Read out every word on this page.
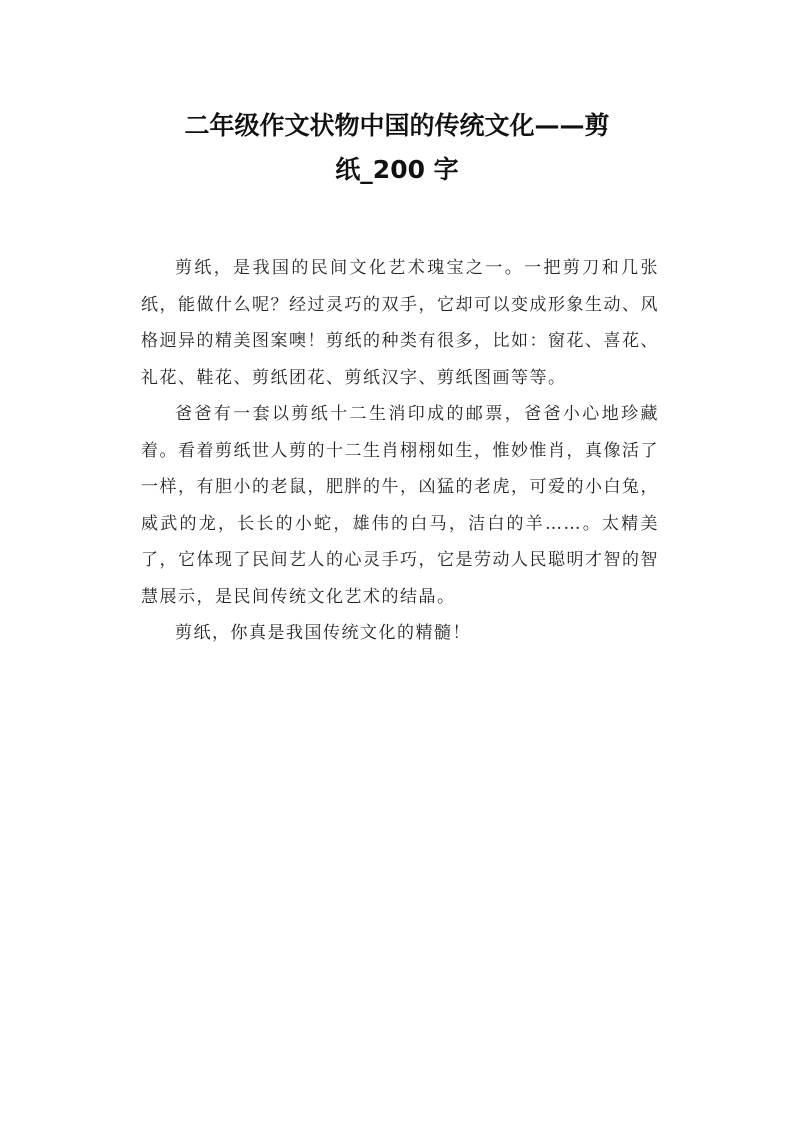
二年级作文状物中国的传统文化——剪
纸_200 字

剪纸，是我国的民间文化艺术瑰宝之一。一把剪刀和几张纸，能做什么呢？经过灵巧的双手，它却可以变成形象生动、风格迥异的精美图案噢！剪纸的种类有很多，比如：窗花、喜花、礼花、鞋花、剪纸团花、剪纸汉字、剪纸图画等等。

爸爸有一套以剪纸十二生消印成的邮票，爸爸小心地珍藏着。看着剪纸世人剪的十二生肖栩栩如生，惟妙惟肖，真像活了一样，有胆小的老鼠，肥胖的牛，凶猛的老虎，可爱的小白兔，威武的龙，长长的小蛇，雄伟的白马，洁白的羊……。太精美了，它体现了民间艺人的心灵手巧，它是劳动人民聪明才智的智慧展示，是民间传统文化艺术的结晶。

剪纸，你真是我国传统文化的精髓！
